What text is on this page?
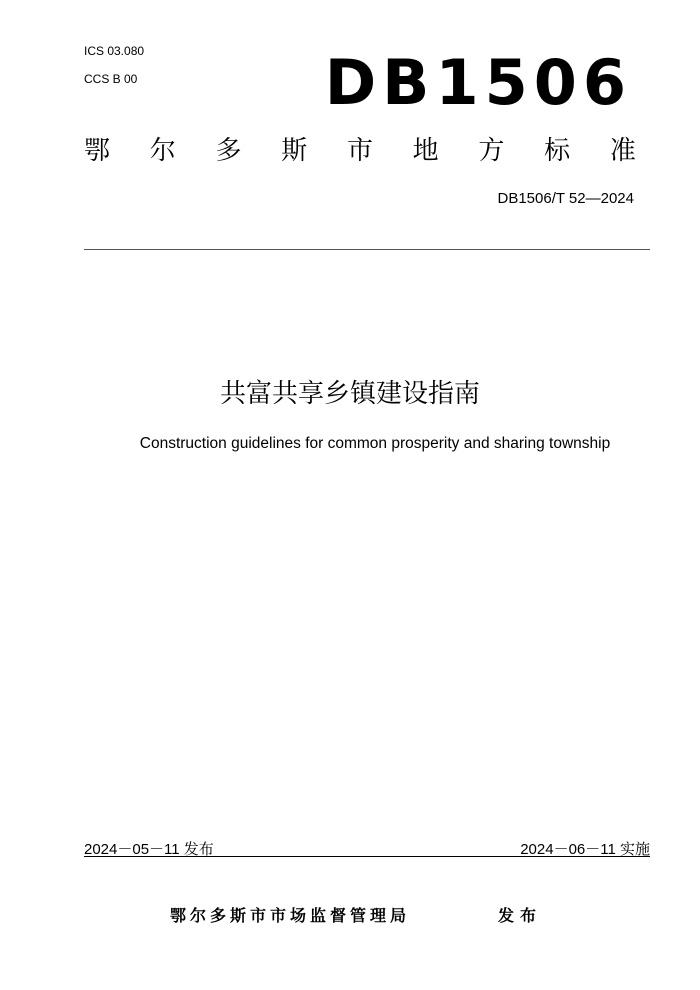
ICS 03.080
CCS B 00	DB1506
鄂 尔 多 斯 市 地 方 标 准
DB1506/T 52—2024
共富共享乡镇建设指南
Construction guidelines for common prosperity and sharing township
2024－05－11 发布	2024－06－11 实施
鄂尔多斯市市场监督管理局	发布
